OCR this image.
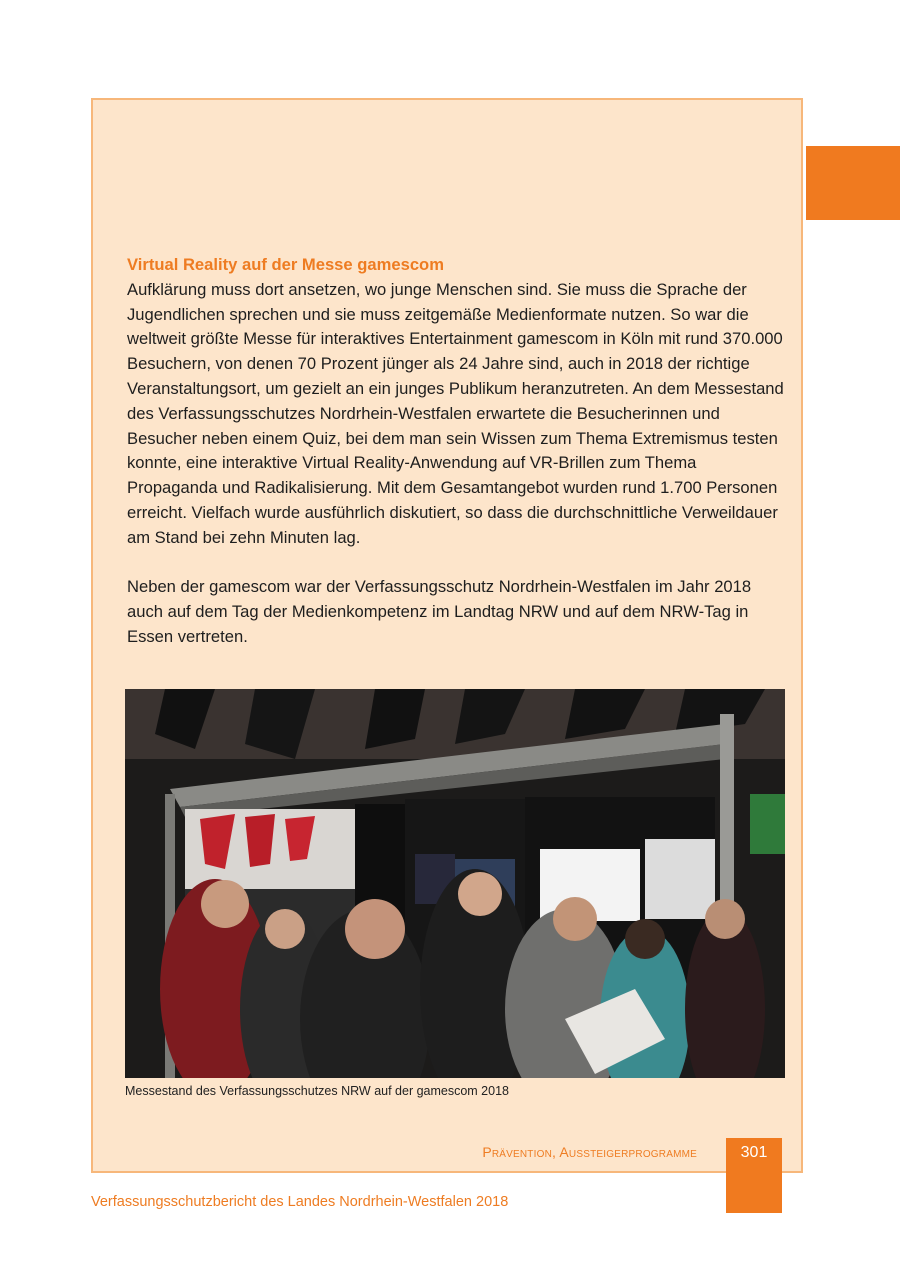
Virtual Reality auf der Messe gamescom

Aufklärung muss dort ansetzen, wo junge Menschen sind. Sie muss die Sprache der Jugendlichen sprechen und sie muss zeitgemäße Medienformate nutzen. So war die weltweit größte Messe für interaktives Entertainment gamescom in Köln mit rund 370.000 Besuchern, von denen 70 Prozent jünger als 24 Jahre sind, auch in 2018 der richtige Veranstaltungsort, um gezielt an ein junges Publikum heranzutreten. An dem Messestand des Verfassungsschutzes Nordrhein-Westfalen erwartete die Besucherinnen und Besucher neben einem Quiz, bei dem man sein Wissen zum Thema Extremismus testen konnte, eine interaktive Virtual Reality-Anwendung auf VR-Brillen zum Thema Propaganda und Radikalisierung. Mit dem Gesamtangebot wurden rund 1.700 Personen erreicht. Vielfach wurde ausführlich diskutiert, so dass die durchschnittliche Verweildauer am Stand bei zehn Minuten lag.

Neben der gamescom war der Verfassungsschutz Nordrhein-Westfalen im Jahr 2018 auch auf dem Tag der Medienkompetenz im Landtag NRW und auf dem NRW-Tag in Essen vertreten.

Messestand des Verfassungsschutzes NRW auf der gamescom 2018
Prävention, Aussteigerprogramme	301
Verfassungsschutzbericht des Landes Nordrhein-Westfalen 2018
